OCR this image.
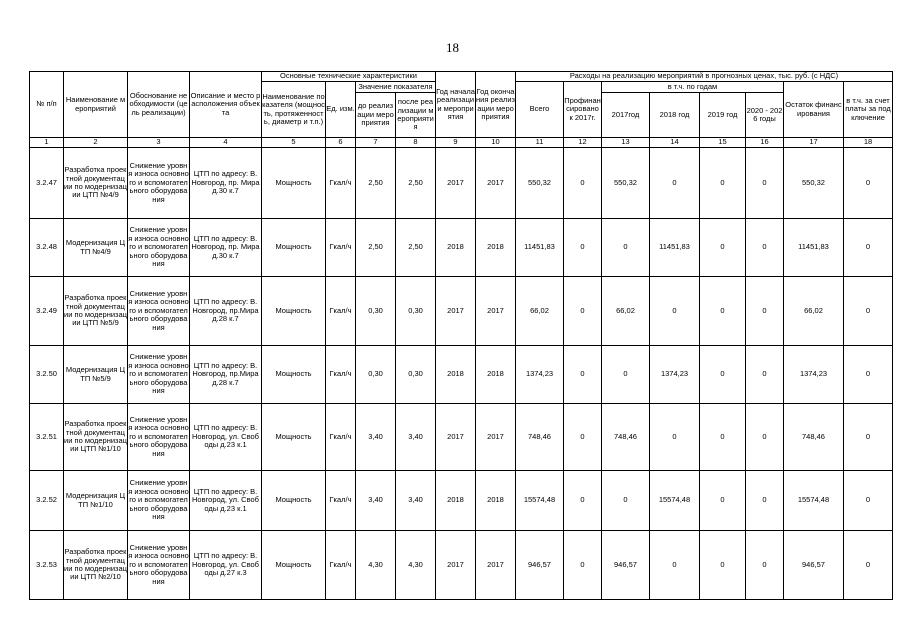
18
№ п/п	Наименование мероприятий	Обоснование необходимости (цель реализации)	Описание и место расположения объекта	Основные технические характеристики				Год начала реализации мероприятия	Год окончания реализации мероприятия	Расходы на реализацию мероприятий в прогнозных ценах, тыс. руб. (с НДС)							
				Наименование показателя (мощность, протяженность, диаметр и т.п.)	Ед. изм.	Значение показателя				Всего	Профинансировано к 2017г.	в т.ч. по годам				Остаток финансирования	в т.ч. за счет платы за подключение
						до реализации мероприятия	после реализации мероприятия					2017год	2018 год	2019 год	2020 - 2026 годы		
1	2	3	4	5	6	7	8	9	10	11	12	13	14	15	16	17	18
3.2.47	Разработка проектной документации по модернизации ЦТП №4/9	Снижение уровня износа основного и вспомогательного оборудования	ЦТП по адресу: В. Новгород, пр. Мира д.30 к.7	Мощность	Гкал/ч	2,50	2,50	2017	2017	550,32	0	550,32	0	0	0	550,32	0
3.2.48	Модернизация ЦТП №4/9	Снижение уровня износа основного и вспомогательного оборудования	ЦТП по адресу: В. Новгород, пр. Мира д.30 к.7	Мощность	Гкал/ч	2,50	2,50	2018	2018	11451,83	0	0	11451,83	0	0	11451,83	0
3.2.49	Разработка проектной документации по модернизации ЦТП №5/9	Снижение уровня износа основного и вспомогательного оборудования	ЦТП по адресу: В. Новгород, пр.Мира д.28 к.7	Мощность	Гкал/ч	0,30	0,30	2017	2017	66,02	0	66,02	0	0	0	66,02	0
3.2.50	Модернизация ЦТП №5/9	Снижение уровня износа основного и вспомогательного оборудования	ЦТП по адресу: В. Новгород, пр.Мира д.28 к.7	Мощность	Гкал/ч	0,30	0,30	2018	2018	1374,23	0	0	1374,23	0	0	1374,23	0
3.2.51	Разработка проектной документации по модернизации ЦТП №1/10	Снижение уровня износа основного и вспомогательного оборудования	ЦТП по адресу: В. Новгород, ул. Свободы д.23 к.1	Мощность	Гкал/ч	3,40	3,40	2017	2017	748,46	0	748,46	0	0	0	748,46	0
3.2.52	Модернизация ЦТП №1/10	Снижение уровня износа основного и вспомогательного оборудования	ЦТП по адресу: В. Новгород, ул. Свободы д.23 к.1	Мощность	Гкал/ч	3,40	3,40	2018	2018	15574,48	0	0	15574,48	0	0	15574,48	0
3.2.53	Разработка проектной документации по модернизации ЦТП №2/10	Снижение уровня износа основного и вспомогательного оборудования	ЦТП по адресу: В. Новгород, ул. Свободы д.27 к.3	Мощность	Гкал/ч	4,30	4,30	2017	2017	946,57	0	946,57	0	0	0	946,57	0
